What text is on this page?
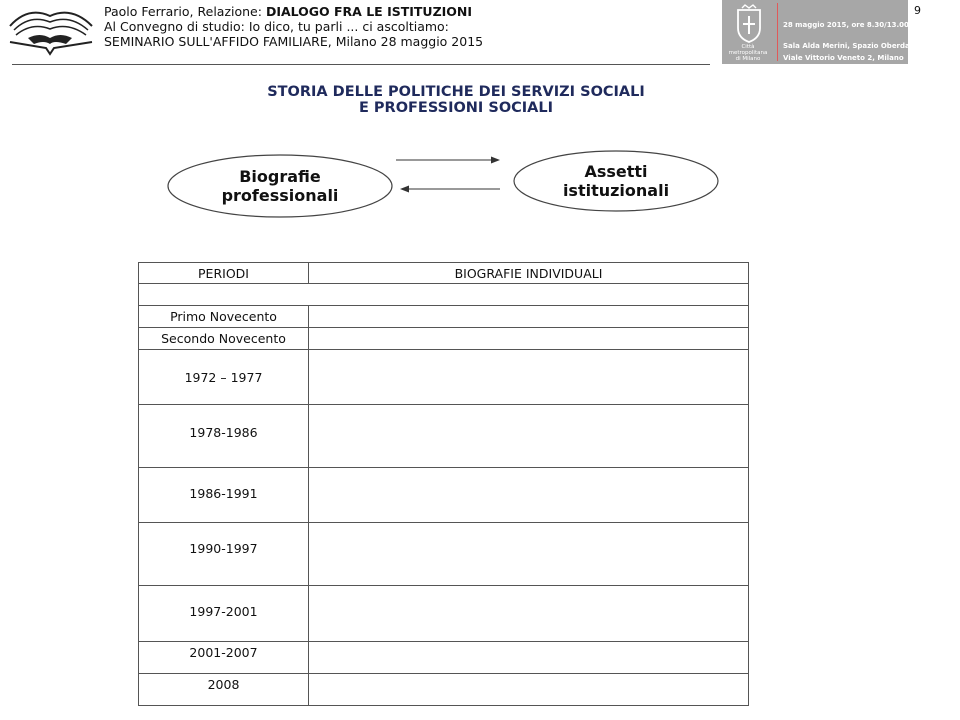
Paolo Ferrario, Relazione: DIALOGO FRA LE ISTITUZIONI
Al Convegno di studio: Io dico, tu parli ... ci ascoltiamo:
SEMINARIO SULL'AFFIDO FAMILIARE, Milano 28 maggio 2015	Città
metropolitana
di Milano
28 maggio 2015, ore 8.30/13.00
Sala Alda Merini, Spazio Oberdan
Viale Vittorio Veneto 2, Milano
9
STORIA DELLE POLITICHE DEI SERVIZI SOCIALI
E PROFESSIONI SOCIALI
Biografie
professionali
Assetti
istituzionali
PERIODI	BIOGRAFIE INDIVIDUALI

Primo Novecento	
Secondo Novecento	
1972 – 1977	
1978-1986	
1986-1991	
1990-1997	
1997-2001	
2001-2007	
2008	
